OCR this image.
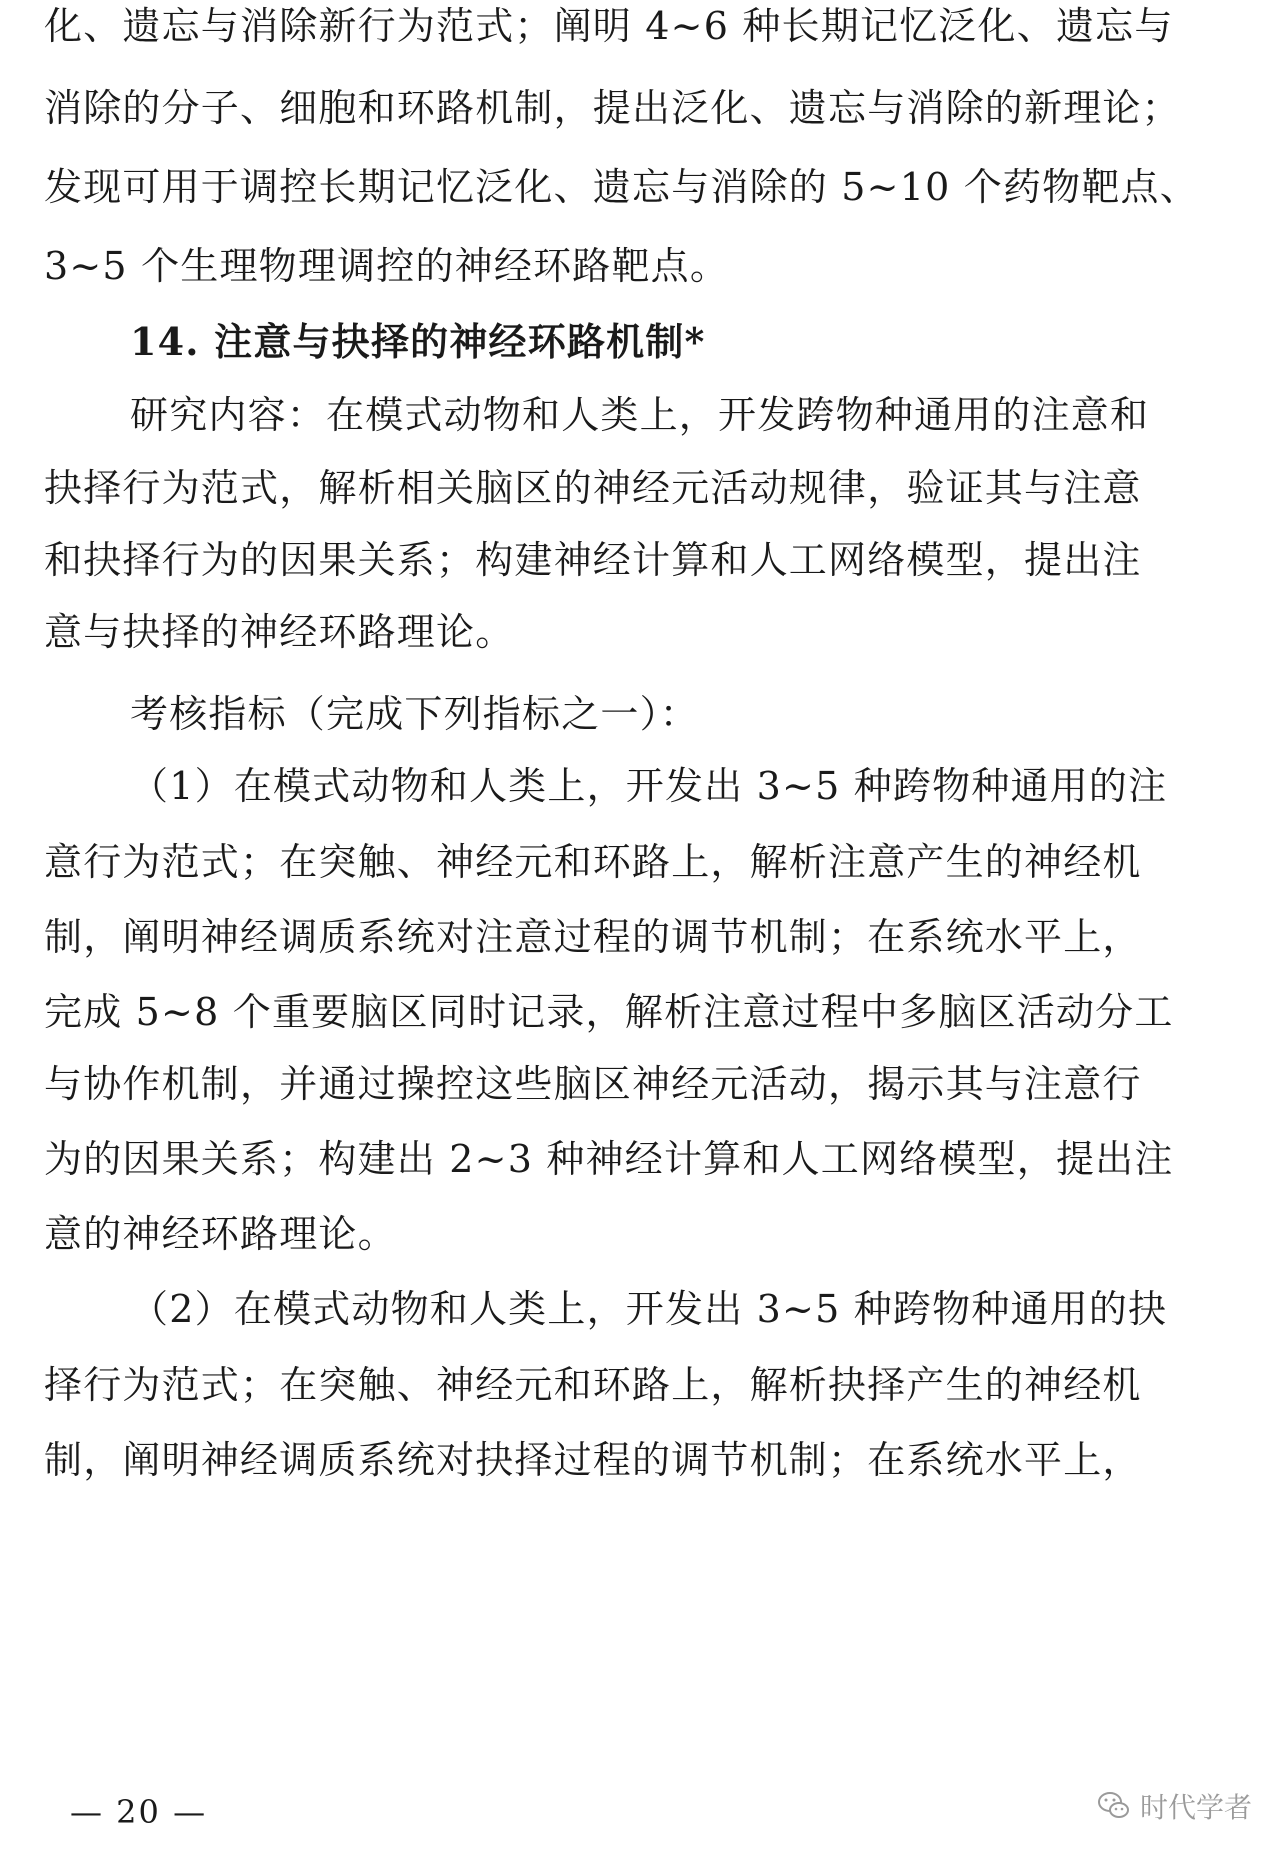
化、遗忘与消除新行为范式；阐明 4~6 种长期记忆泛化、遗忘与
消除的分子、细胞和环路机制，提出泛化、遗忘与消除的新理论；
发现可用于调控长期记忆泛化、遗忘与消除的 5~10 个药物靶点、
3~5 个生理物理调控的神经环路靶点。
14. 注意与抉择的神经环路机制*
研究内容：在模式动物和人类上，开发跨物种通用的注意和
抉择行为范式，解析相关脑区的神经元活动规律，验证其与注意
和抉择行为的因果关系；构建神经计算和人工网络模型，提出注
意与抉择的神经环路理论。
考核指标（完成下列指标之一）：
（1）在模式动物和人类上，开发出 3~5 种跨物种通用的注
意行为范式；在突触、神经元和环路上，解析注意产生的神经机
制，阐明神经调质系统对注意过程的调节机制；在系统水平上，
完成 5~8 个重要脑区同时记录，解析注意过程中多脑区活动分工
与协作机制，并通过操控这些脑区神经元活动，揭示其与注意行
为的因果关系；构建出 2~3 种神经计算和人工网络模型，提出注
意的神经环路理论。
（2）在模式动物和人类上，开发出 3~5 种跨物种通用的抉
择行为范式；在突触、神经元和环路上，解析抉择产生的神经机
制，阐明神经调质系统对抉择过程的调节机制；在系统水平上，
— 20 —	时代学者
